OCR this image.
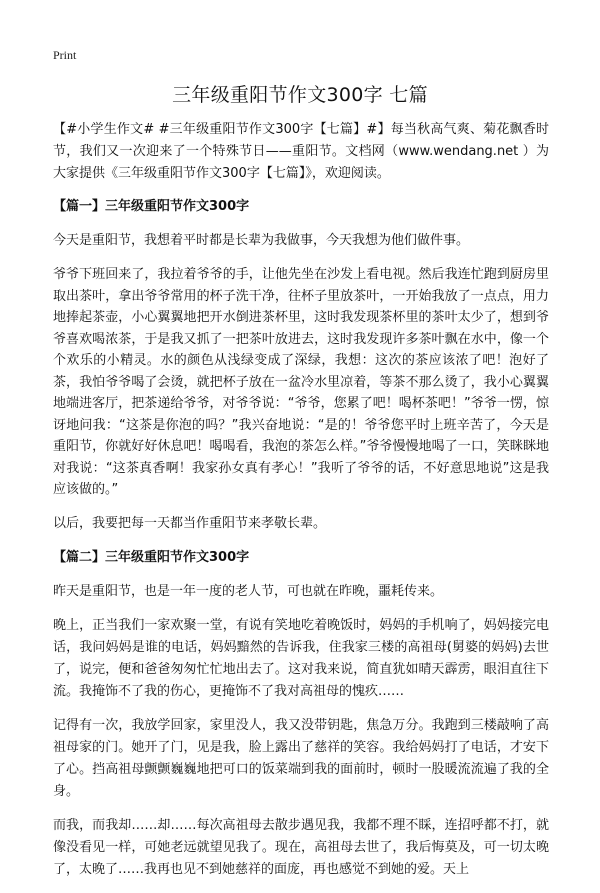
Print
三年级重阳节作文300字 七篇

【#小学生作文# #三年级重阳节作文300字【七篇】#】每当秋高气爽、菊花飘香时节，我们又一次迎来了一个特殊节日——重阳节。文档网（www.wendang.net ）为大家提供《三年级重阳节作文300字【七篇】》，欢迎阅读。

【篇一】三年级重阳节作文300字

今天是重阳节，我想着平时都是长辈为我做事，今天我想为他们做件事。

爷爷下班回来了，我拉着爷爷的手，让他先坐在沙发上看电视。然后我连忙跑到厨房里取出茶叶，拿出爷爷常用的杯子洗干净，往杯子里放茶叶，一开始我放了一点点，用力地捧起茶壶，小心翼翼地把开水倒进茶杯里，这时我发现茶杯里的茶叶太少了，想到爷爷喜欢喝浓茶，于是我又抓了一把茶叶放进去，这时我发现许多茶叶飘在水中，像一个个欢乐的小精灵。水的颜色从浅绿变成了深绿，我想：这次的茶应该浓了吧！泡好了茶，我怕爷爷喝了会烫，就把杯子放在一盆冷水里凉着，等茶不那么烫了，我小心翼翼地端进客厅，把茶递给爷爷，对爷爷说：“爷爷，您累了吧！喝杯茶吧！”爷爷一愣，惊讶地问我：“这茶是你泡的吗？”我兴奋地说：“是的！爷爷您平时上班辛苦了，今天是重阳节，你就好好休息吧！喝喝看，我泡的茶怎么样。”爷爷慢慢地喝了一口，笑眯眯地对我说：“这茶真香啊！我家孙女真有孝心！”我听了爷爷的话，不好意思地说”这是我应该做的。”

以后，我要把每一天都当作重阳节来孝敬长辈。

【篇二】三年级重阳节作文300字

昨天是重阳节，也是一年一度的老人节，可也就在昨晚，噩耗传来。

晚上，正当我们一家欢聚一堂，有说有笑地吃着晚饭时，妈妈的手机响了，妈妈接完电话，我问妈妈是谁的电话，妈妈黯然的告诉我，住我家三楼的高祖母(舅婆的妈妈)去世了，说完，便和爸爸匆匆忙忙地出去了。这对我来说，简直犹如晴天霹雳，眼泪直往下流。我掩饰不了我的伤心，更掩饰不了我对高祖母的愧疚……

记得有一次，我放学回家，家里没人，我又没带钥匙，焦急万分。我跑到三楼敲响了高祖母家的门。她开了门，见是我，脸上露出了慈祥的笑容。我给妈妈打了电话，才安下了心。挡高祖母颤颤巍巍地把可口的饭菜端到我的面前时，顿时一股暖流流遍了我的全身。

而我，而我却……却……每次高祖母去散步遇见我，我都不理不睬，连招呼都不打，就像没看见一样，可她老远就望见我了。现在，高祖母去世了，我后悔莫及，可一切太晚了，太晚了……我再也见不到她慈祥的面庞，再也感觉不到她的爱。天上
